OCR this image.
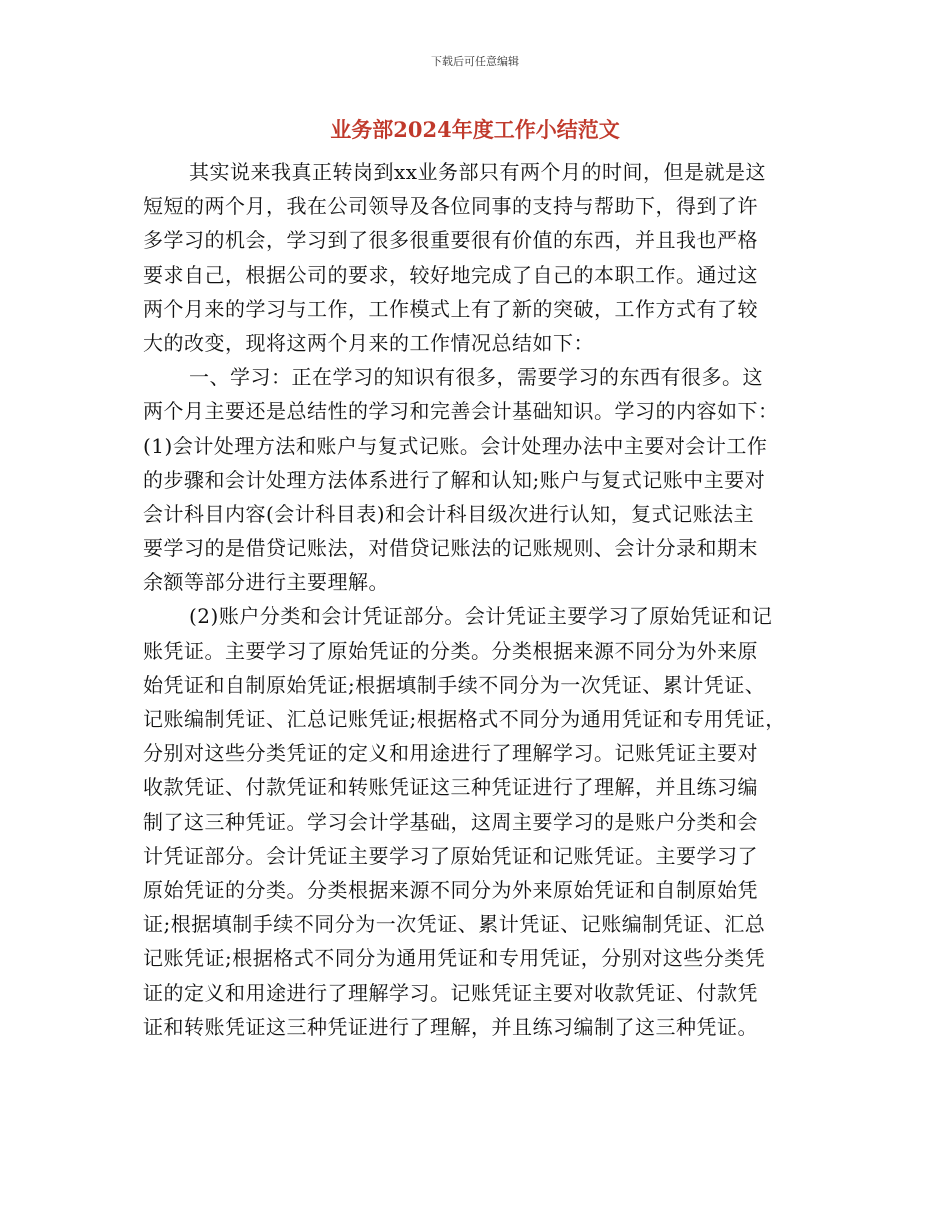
下载后可任意编辑
业务部2024年度工作小结范文
其实说来我真正转岗到xx业务部只有两个月的时间，但是就是这
短短的两个月，我在公司领导及各位同事的支持与帮助下，得到了许
多学习的机会，学习到了很多很重要很有价值的东西，并且我也严格
要求自己，根据公司的要求，较好地完成了自己的本职工作。通过这
两个月来的学习与工作，工作模式上有了新的突破，工作方式有了较
大的改变，现将这两个月来的工作情况总结如下：
一、学习：正在学习的知识有很多，需要学习的东西有很多。这
两个月主要还是总结性的学习和完善会计基础知识。学习的内容如下：
(1)会计处理方法和账户与复式记账。会计处理办法中主要对会计工作
的步骤和会计处理方法体系进行了解和认知;账户与复式记账中主要对
会计科目内容(会计科目表)和会计科目级次进行认知，复式记账法主
要学习的是借贷记账法，对借贷记账法的记账规则、会计分录和期末
余额等部分进行主要理解。
(2)账户分类和会计凭证部分。会计凭证主要学习了原始凭证和记
账凭证。主要学习了原始凭证的分类。分类根据来源不同分为外来原
始凭证和自制原始凭证;根据填制手续不同分为一次凭证、累计凭证、
记账编制凭证、汇总记账凭证;根据格式不同分为通用凭证和专用凭证，
分别对这些分类凭证的定义和用途进行了理解学习。记账凭证主要对
收款凭证、付款凭证和转账凭证这三种凭证进行了理解，并且练习编
制了这三种凭证。学习会计学基础，这周主要学习的是账户分类和会
计凭证部分。会计凭证主要学习了原始凭证和记账凭证。主要学习了
原始凭证的分类。分类根据来源不同分为外来原始凭证和自制原始凭
证;根据填制手续不同分为一次凭证、累计凭证、记账编制凭证、汇总
记账凭证;根据格式不同分为通用凭证和专用凭证，分别对这些分类凭
证的定义和用途进行了理解学习。记账凭证主要对收款凭证、付款凭
证和转账凭证这三种凭证进行了理解，并且练习编制了这三种凭证。
